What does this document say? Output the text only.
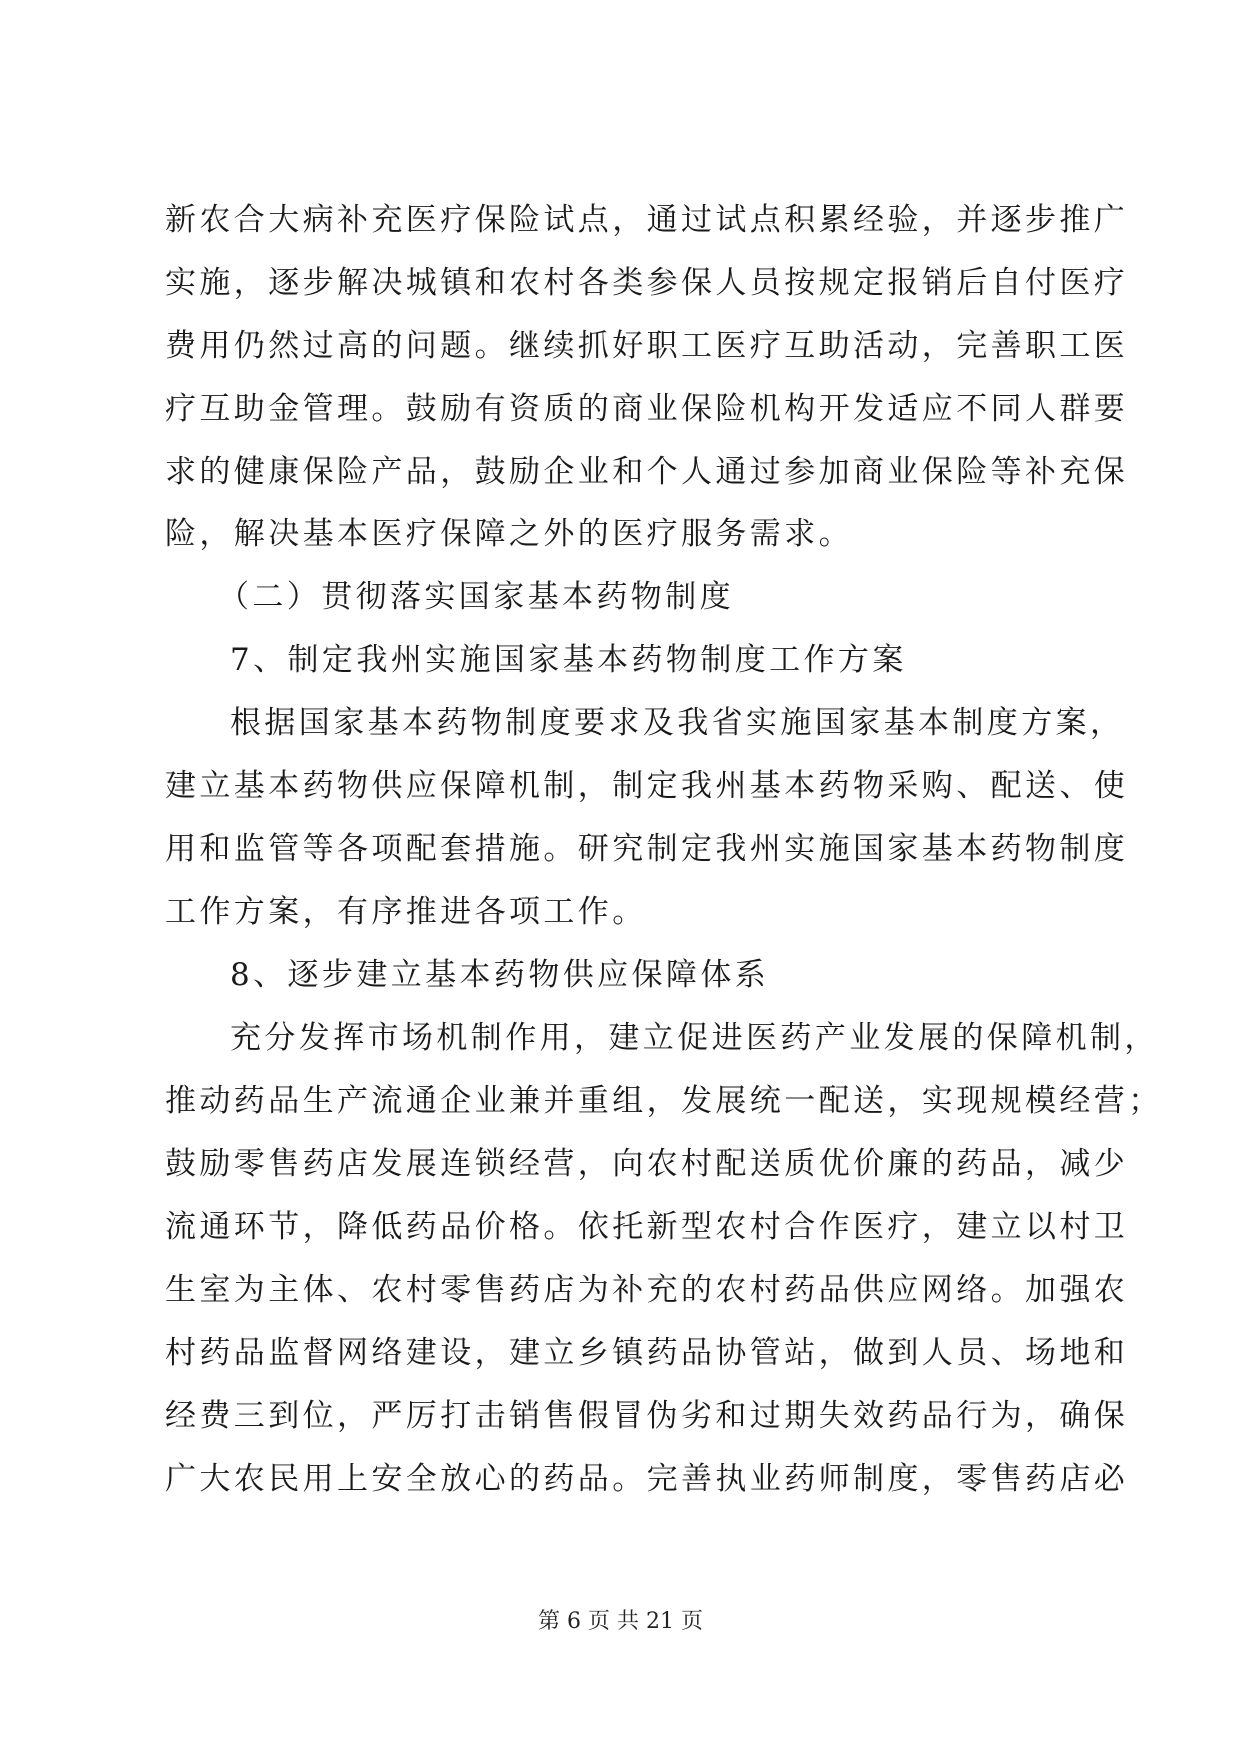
新农合大病补充医疗保险试点，通过试点积累经验，并逐步推广
实施，逐步解决城镇和农村各类参保人员按规定报销后自付医疗
费用仍然过高的问题。继续抓好职工医疗互助活动，完善职工医
疗互助金管理。鼓励有资质的商业保险机构开发适应不同人群要
求的健康保险产品，鼓励企业和个人通过参加商业保险等补充保
险，解决基本医疗保障之外的医疗服务需求。
（二）贯彻落实国家基本药物制度
7、制定我州实施国家基本药物制度工作方案
根据国家基本药物制度要求及我省实施国家基本制度方案，
建立基本药物供应保障机制，制定我州基本药物采购、配送、使
用和监管等各项配套措施。研究制定我州实施国家基本药物制度
工作方案，有序推进各项工作。
8、逐步建立基本药物供应保障体系
充分发挥市场机制作用，建立促进医药产业发展的保障机制，
推动药品生产流通企业兼并重组，发展统一配送，实现规模经营；
鼓励零售药店发展连锁经营，向农村配送质优价廉的药品，减少
流通环节，降低药品价格。依托新型农村合作医疗，建立以村卫
生室为主体、农村零售药店为补充的农村药品供应网络。加强农
村药品监督网络建设，建立乡镇药品协管站，做到人员、场地和
经费三到位，严厉打击销售假冒伪劣和过期失效药品行为，确保
广大农民用上安全放心的药品。完善执业药师制度，零售药店必
第 6 页 共 21 页
